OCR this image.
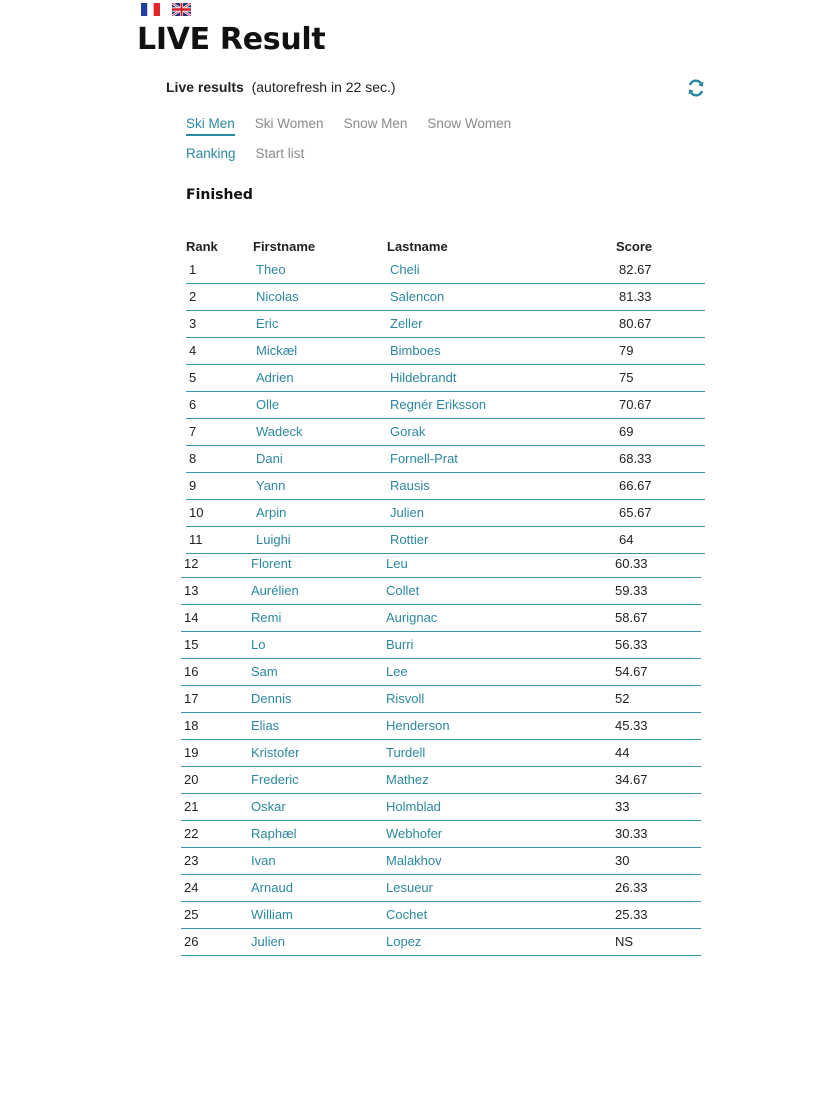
LIVE Result
Live results (autorefresh in 22 sec.)
Ski Men Ski Women Snow Men Snow Women
Ranking Start list
Finished
Rank	Firstname	Lastname	Score
1	Theo	Cheli	82.67
2	Nicolas	Salencon	81.33
3	Eric	Zeller	80.67
4	Mickæl	Bimboes	79
5	Adrien	Hildebrandt	75
6	Olle	Regnér Eriksson	70.67
7	Wadeck	Gorak	69
8	Dani	Fornell-Prat	68.33
9	Yann	Rausis	66.67
10	Arpin	Julien	65.67
11	Luighi	Rottier	64
12	Florent	Leu	60.33
13	Aurélien	Collet	59.33
14	Remi	Aurignac	58.67
15	Lo	Burri	56.33
16	Sam	Lee	54.67
17	Dennis	Risvoll	52
18	Elias	Henderson	45.33
19	Kristofer	Turdell	44
20	Frederic	Mathez	34.67
21	Oskar	Holmblad	33
22	Raphæl	Webhofer	30.33
23	Ivan	Malakhov	30
24	Arnaud	Lesueur	26.33
25	William	Cochet	25.33
26	Julien	Lopez	NS
